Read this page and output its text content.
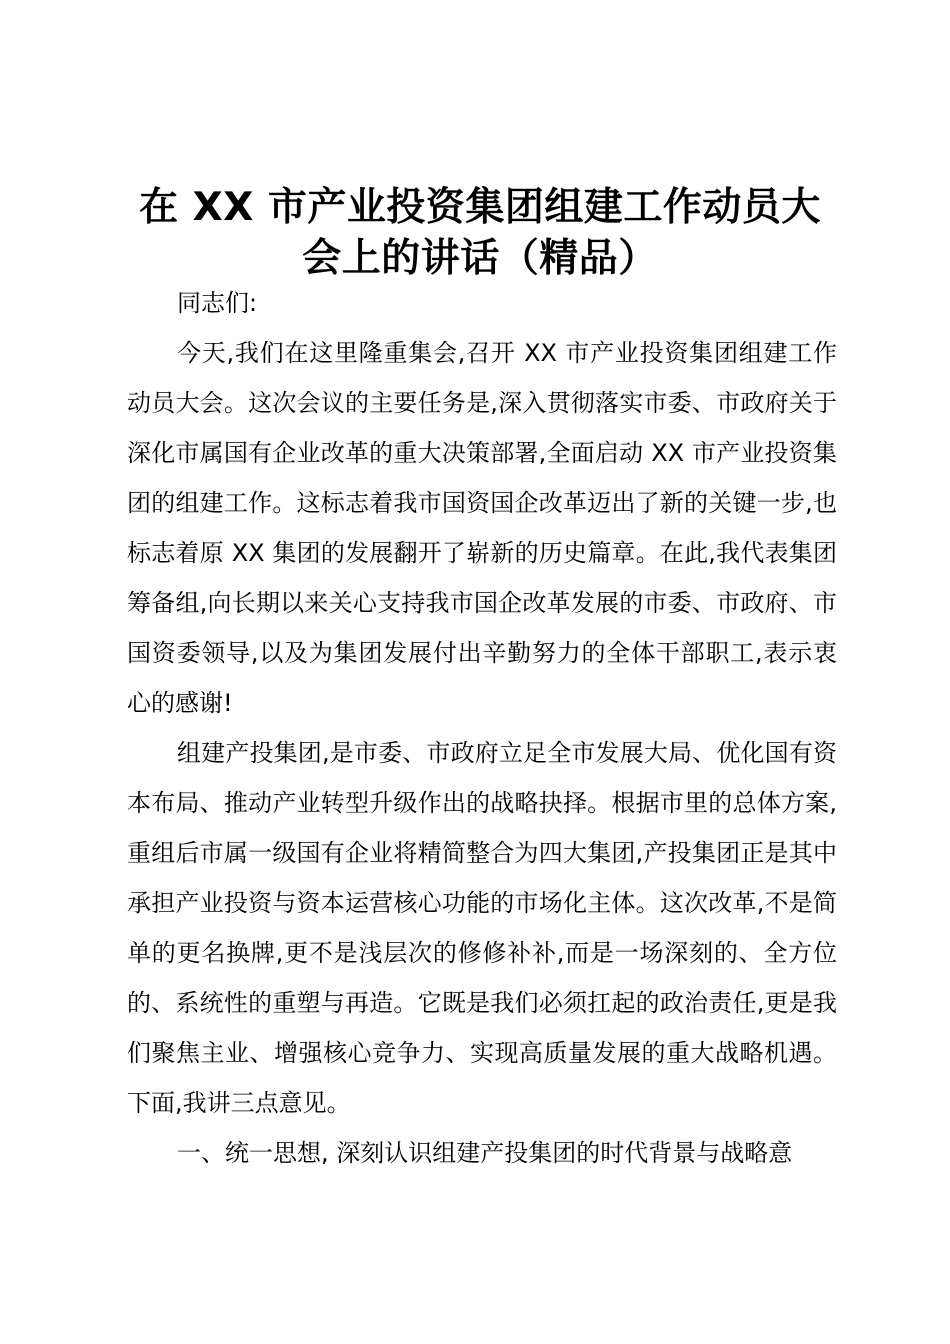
在 XX 市产业投资集团组建工作动员大
会上的讲话（精品）

同志们:

今天,我们在这里隆重集会,召开 XX 市产业投资集团组建工作动员大会。这次会议的主要任务是,深入贯彻落实市委、市政府关于深化市属国有企业改革的重大决策部署,全面启动 XX 市产业投资集团的组建工作。这标志着我市国资国企改革迈出了新的关键一步,也标志着原 XX 集团的发展翻开了崭新的历史篇章。在此,我代表集团筹备组,向长期以来关心支持我市国企改革发展的市委、市政府、市国资委领导,以及为集团发展付出辛勤努力的全体干部职工,表示衷心的感谢!

组建产投集团,是市委、市政府立足全市发展大局、优化国有资本布局、推动产业转型升级作出的战略抉择。根据市里的总体方案,重组后市属一级国有企业将精简整合为四大集团,产投集团正是其中承担产业投资与资本运营核心功能的市场化主体。这次改革,不是简单的更名换牌,更不是浅层次的修修补补,而是一场深刻的、全方位的、系统性的重塑与再造。它既是我们必须扛起的政治责任,更是我们聚焦主业、增强核心竞争力、实现高质量发展的重大战略机遇。下面,我讲三点意见。

一、统一思想, 深刻认识组建产投集团的时代背景与战略意
